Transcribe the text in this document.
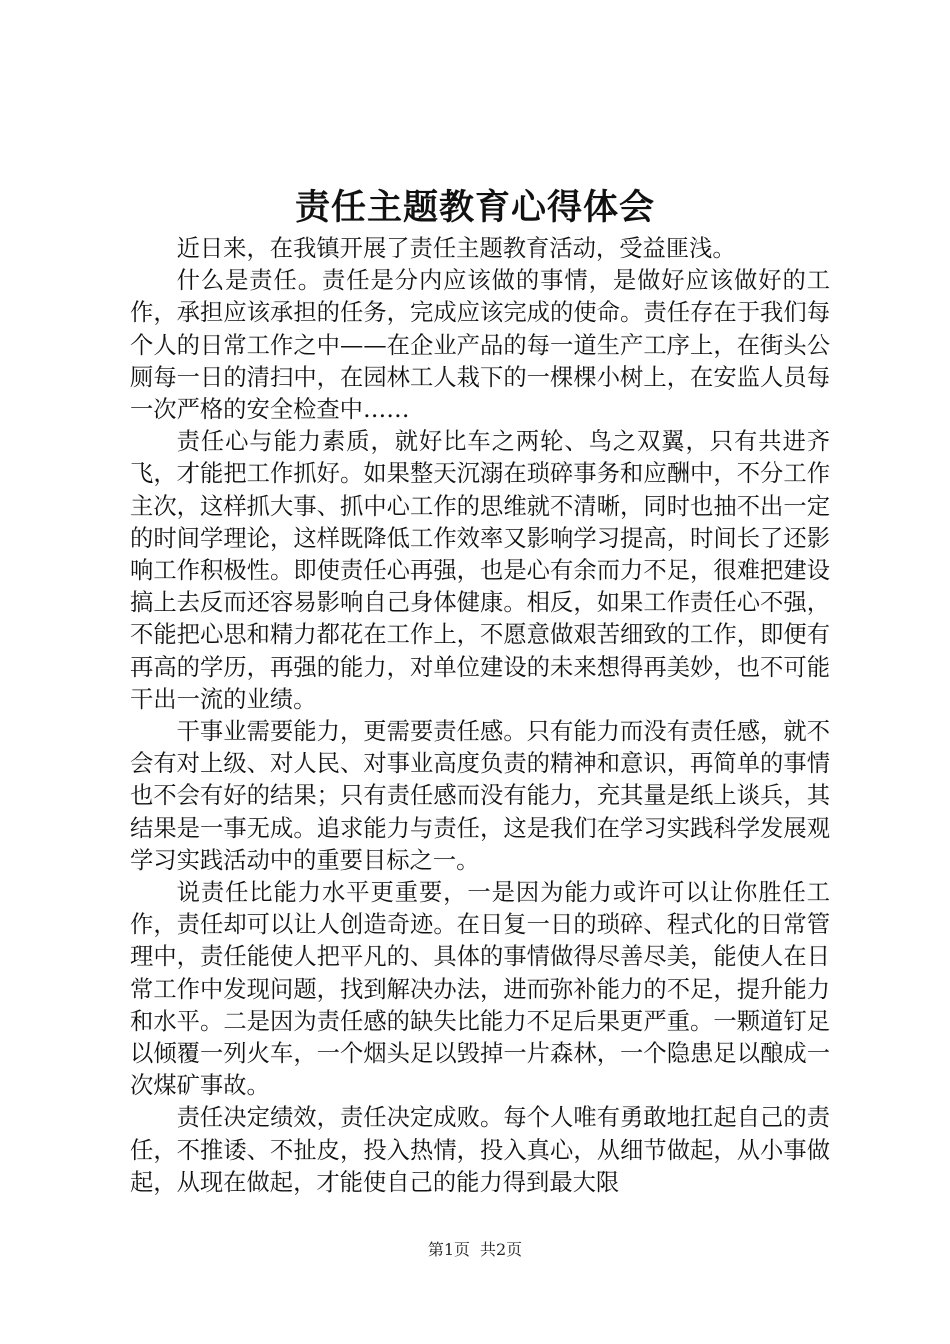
责任主题教育心得体会

近日来，在我镇开展了责任主题教育活动，受益匪浅。

什么是责任。责任是分内应该做的事情，是做好应该做好的工作，承担应该承担的任务，完成应该完成的使命。责任存在于我们每个人的日常工作之中——在企业产品的每一道生产工序上，在街头公厕每一日的清扫中，在园林工人栽下的一棵棵小树上，在安监人员每一次严格的安全检查中……

责任心与能力素质，就好比车之两轮、鸟之双翼，只有共进齐飞，才能把工作抓好。如果整天沉溺在琐碎事务和应酬中，不分工作主次，这样抓大事、抓中心工作的思维就不清晰，同时也抽不出一定的时间学理论，这样既降低工作效率又影响学习提高，时间长了还影响工作积极性。即使责任心再强，也是心有余而力不足，很难把建设搞上去反而还容易影响自己身体健康。相反，如果工作责任心不强，不能把心思和精力都花在工作上，不愿意做艰苦细致的工作，即便有再高的学历，再强的能力，对单位建设的未来想得再美妙，也不可能干出一流的业绩。

干事业需要能力，更需要责任感。只有能力而没有责任感，就不会有对上级、对人民、对事业高度负责的精神和意识，再简单的事情也不会有好的结果；只有责任感而没有能力，充其量是纸上谈兵，其结果是一事无成。追求能力与责任，这是我们在学习实践科学发展观学习实践活动中的重要目标之一。

说责任比能力水平更重要，一是因为能力或许可以让你胜任工作，责任却可以让人创造奇迹。在日复一日的琐碎、程式化的日常管理中，责任能使人把平凡的、具体的事情做得尽善尽美，能使人在日常工作中发现问题，找到解决办法，进而弥补能力的不足，提升能力和水平。二是因为责任感的缺失比能力不足后果更严重。一颗道钉足以倾覆一列火车，一个烟头足以毁掉一片森林，一个隐患足以酿成一次煤矿事故。

责任决定绩效，责任决定成败。每个人唯有勇敢地扛起自己的责任，不推诿、不扯皮，投入热情，投入真心，从细节做起，从小事做起，从现在做起，才能使自己的能力得到最大限

第1页 共2页
